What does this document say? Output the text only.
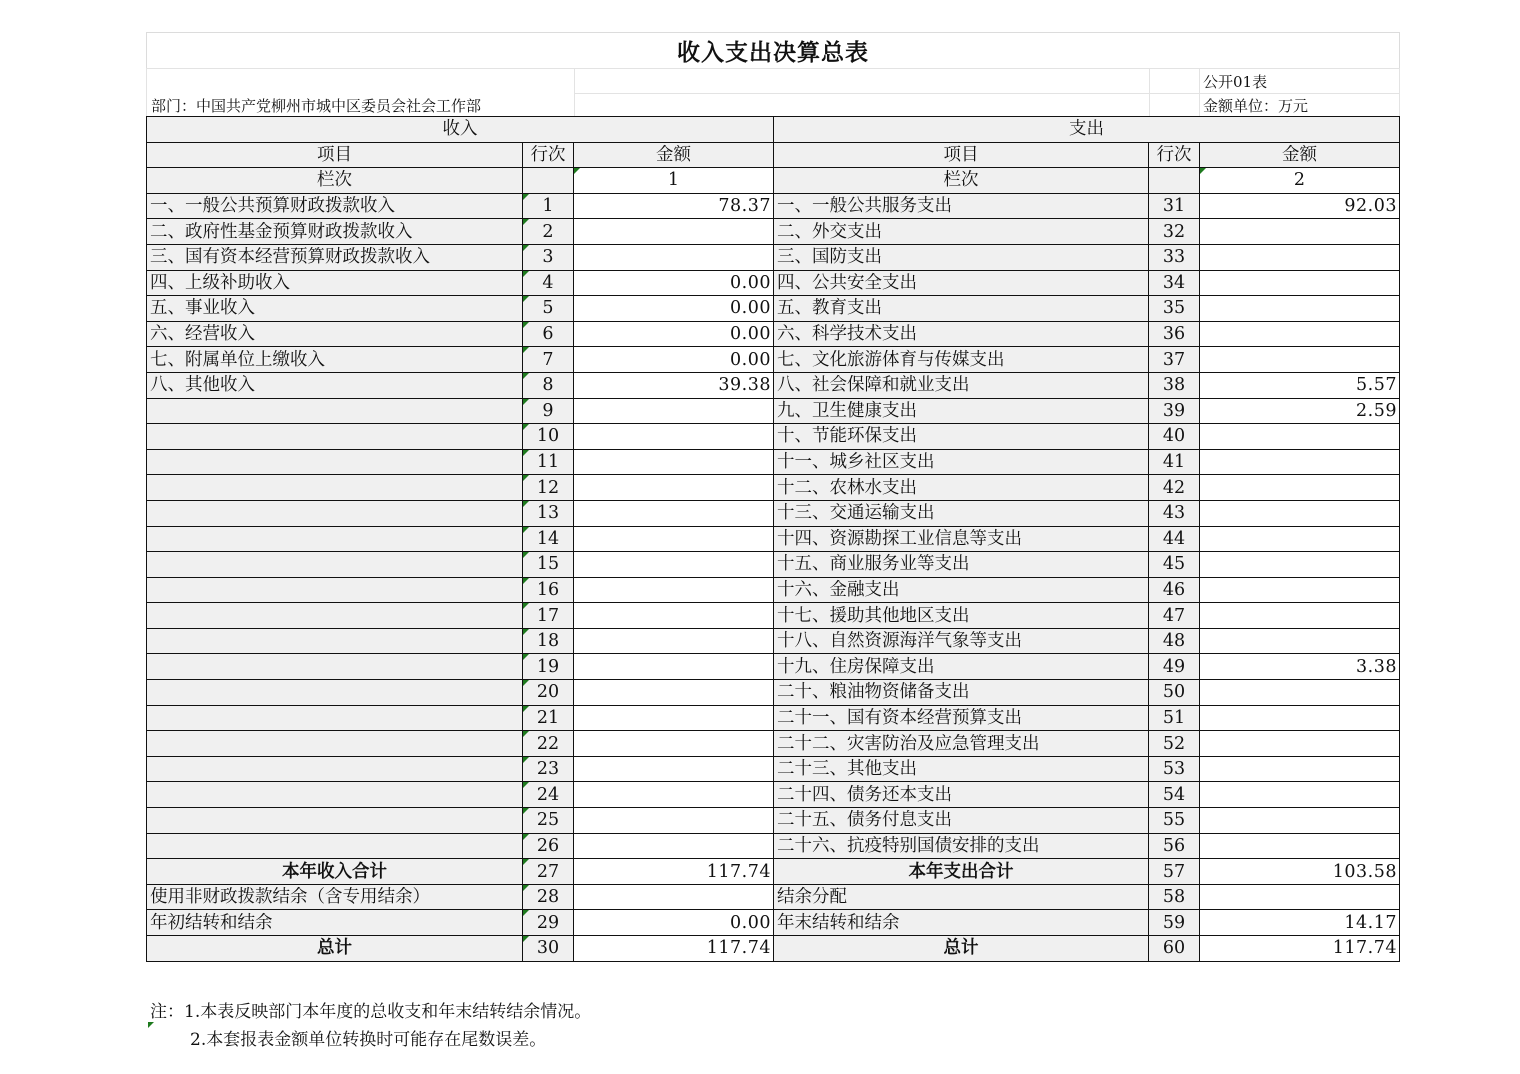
收入支出决算总表
部门：中国共产党柳州市城中区委员会社会工作部
公开01表
金额单位：万元
收入			支出		
项目	行次	金额	项目	行次	金额
栏次		1	栏次		2
一、一般公共预算财政拨款收入	1	78.37	一、一般公共服务支出	31	92.03
二、政府性基金预算财政拨款收入	2		二、外交支出	32	
三、国有资本经营预算财政拨款收入	3		三、国防支出	33	
四、上级补助收入	4	0.00	四、公共安全支出	34	
五、事业收入	5	0.00	五、教育支出	35	
六、经营收入	6	0.00	六、科学技术支出	36	
七、附属单位上缴收入	7	0.00	七、文化旅游体育与传媒支出	37	
八、其他收入	8	39.38	八、社会保障和就业支出	38	5.57
	9		九、卫生健康支出	39	2.59
	10		十、节能环保支出	40	
	11		十一、城乡社区支出	41	
	12		十二、农林水支出	42	
	13		十三、交通运输支出	43	
	14		十四、资源勘探工业信息等支出	44	
	15		十五、商业服务业等支出	45	
	16		十六、金融支出	46	
	17		十七、援助其他地区支出	47	
	18		十八、自然资源海洋气象等支出	48	
	19		十九、住房保障支出	49	3.38
	20		二十、粮油物资储备支出	50	
	21		二十一、国有资本经营预算支出	51	
	22		二十二、灾害防治及应急管理支出	52	
	23		二十三、其他支出	53	
	24		二十四、债务还本支出	54	
	25		二十五、债务付息支出	55	
	26		二十六、抗疫特别国债安排的支出	56	
本年收入合计	27	117.74	本年支出合计	57	103.58
使用非财政拨款结余（含专用结余）	28		结余分配	58	
年初结转和结余	29	0.00	年末结转和结余	59	14.17
总计	30	117.74	总计	60	117.74
注：1.本表反映部门本年度的总收支和年末结转结余情况。
2.本套报表金额单位转换时可能存在尾数误差。
